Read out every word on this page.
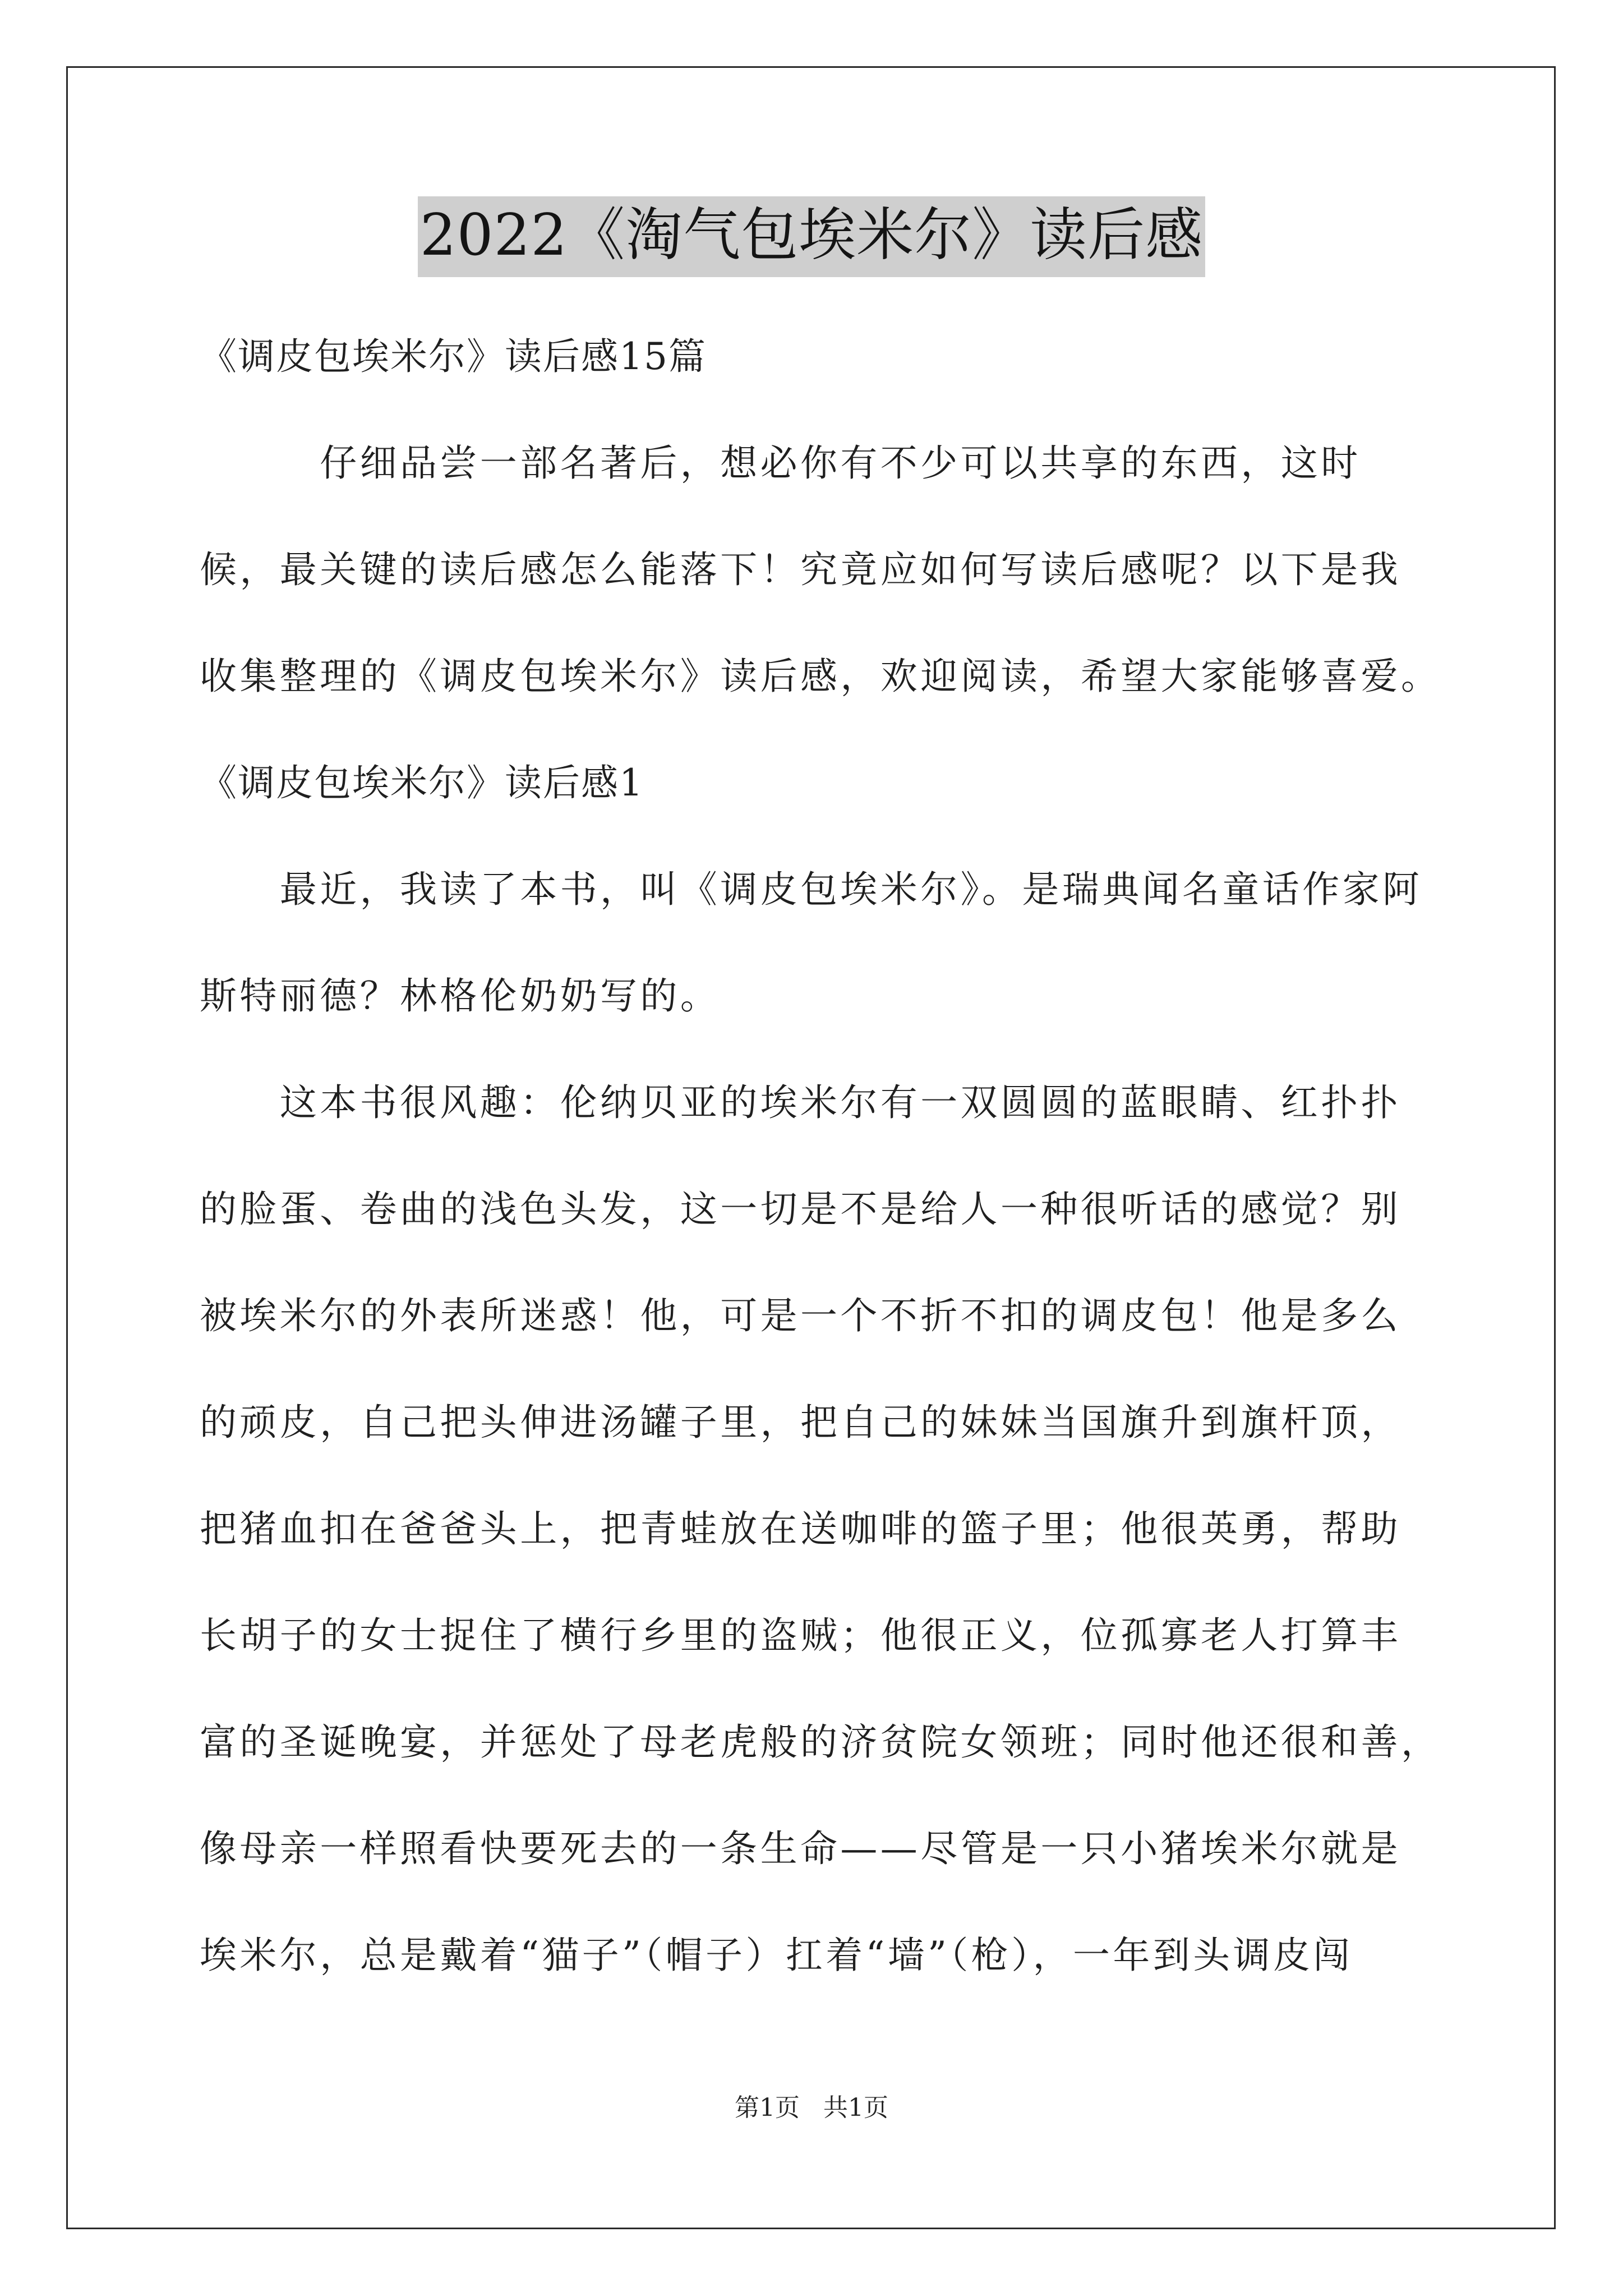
2022《淘气包埃米尔》读后感
《调皮包埃米尔》读后感15篇
　　　仔细品尝一部名著后，想必你有不少可以共享的东西，这时
候，最关键的读后感怎么能落下！究竟应如何写读后感呢？以下是我
收集整理的《调皮包埃米尔》读后感，欢迎阅读，希望大家能够喜爱。
《调皮包埃米尔》读后感1
　　最近，我读了本书，叫《调皮包埃米尔》。是瑞典闻名童话作家阿
斯特丽德？林格伦奶奶写的。
　　这本书很风趣：伦纳贝亚的埃米尔有一双圆圆的蓝眼睛、红扑扑
的脸蛋、卷曲的浅色头发，这一切是不是给人一种很听话的感觉？别
被埃米尔的外表所迷惑！他，可是一个不折不扣的调皮包！他是多么
的顽皮，自己把头伸进汤罐子里，把自己的妹妹当国旗升到旗杆顶，
把猪血扣在爸爸头上，把青蛙放在送咖啡的篮子里；他很英勇，帮助
长胡子的女士捉住了横行乡里的盗贼；他很正义，位孤寡老人打算丰
富的圣诞晚宴，并惩处了母老虎般的济贫院女领班；同时他还很和善，
像母亲一样照看快要死去的一条生命——尽管是一只小猪埃米尔就是
埃米尔，总是戴着“猫子”（帽子）扛着“墙”（枪），一年到头调皮闯
第1页 共1页
